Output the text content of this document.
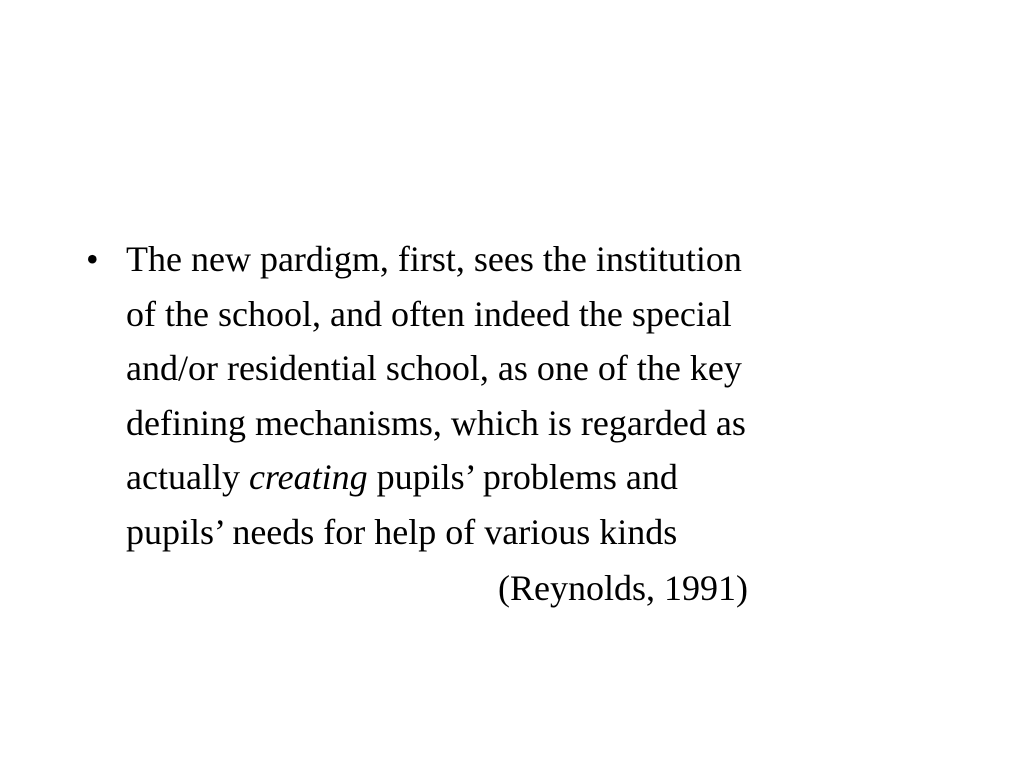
• The new pardigm, first, sees the institution
of the school, and often indeed the special
and/or residential school, as one of the key
defining mechanisms, which is regarded as
actually creating pupils’ problems and
pupils’ needs for help of various kinds
(Reynolds, 1991)
